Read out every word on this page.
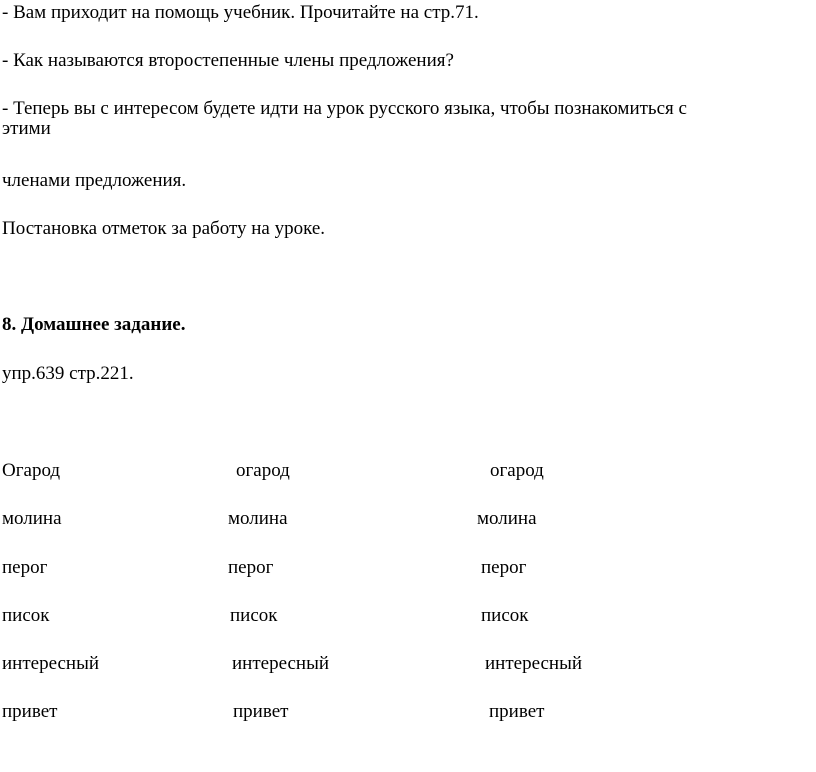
- Вам приходит на помощь учебник. Прочитайте на стр.71.
- Как называются второстепенные члены предложения?
- Теперь вы с интересом будете идти на урок русского языка, чтобы познакомиться с
этими
членами предложения.
Постановка отметок за работу на уроке.
8. Домашнее задание.
упр.639 стр.221.
Огарод	огарод	огарод
молина	молина	молина
перог	перог	перог
писок	писок	писок
интересный	интересный	интересный
привет	привет	привет
